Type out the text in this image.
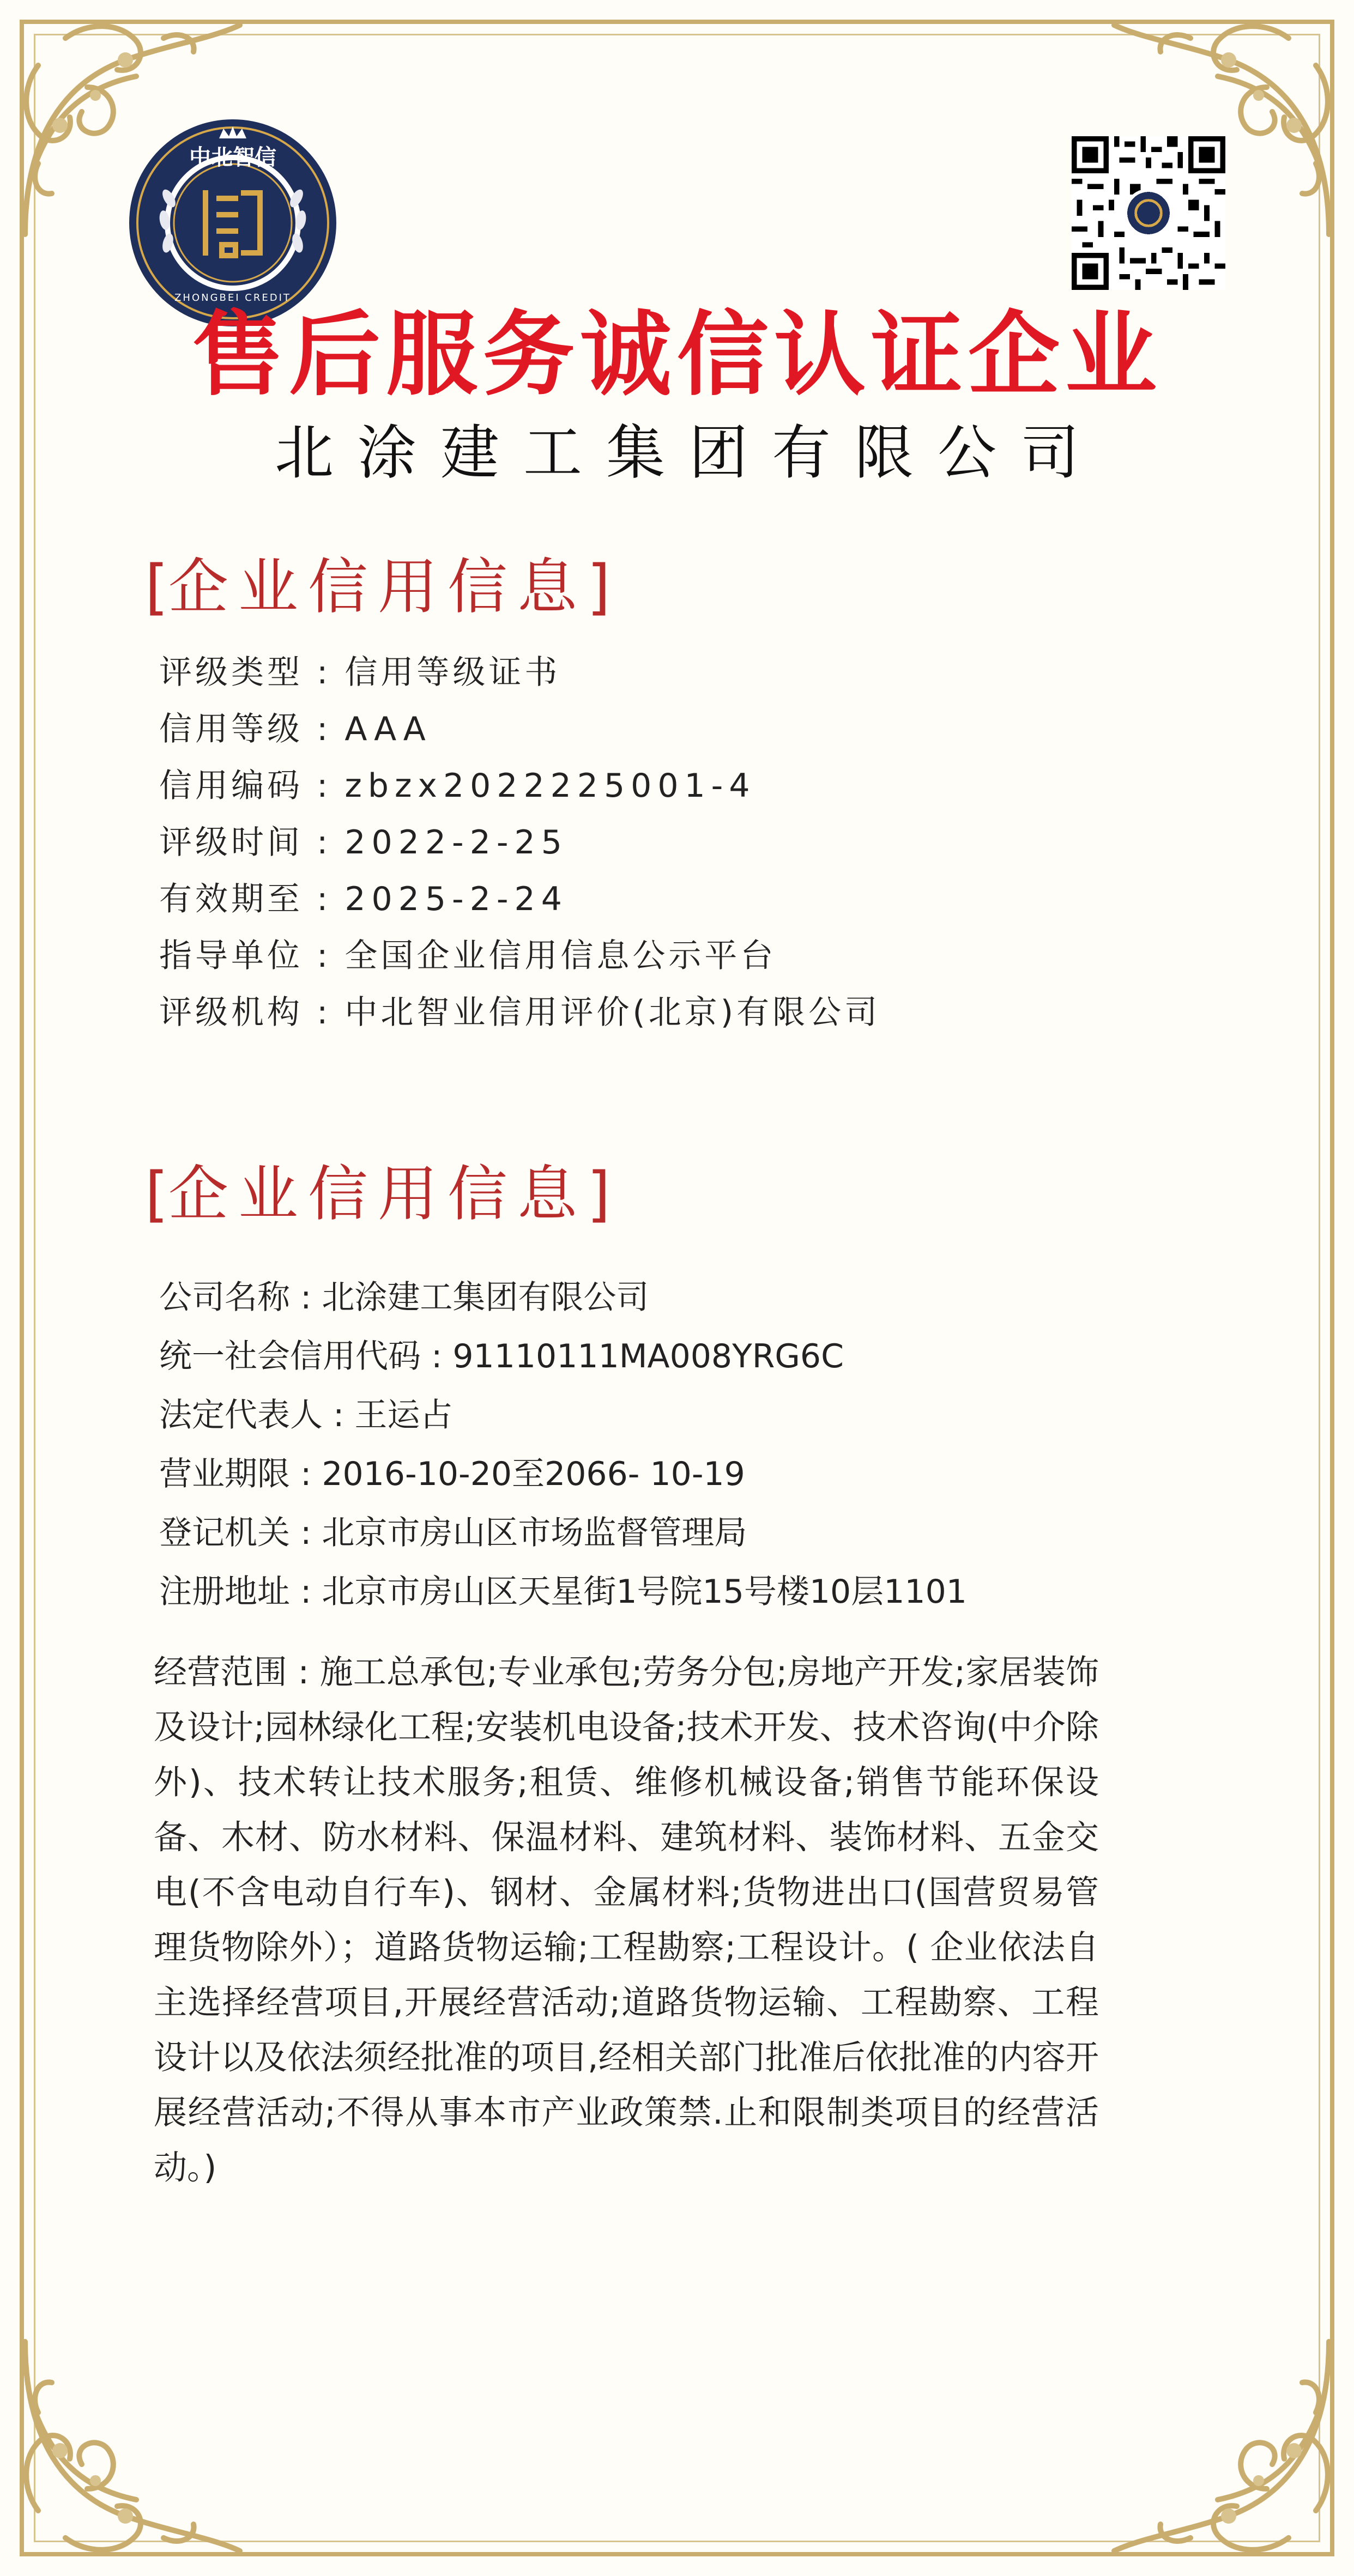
中北智信
ZHONGBEI CREDIT
售后服务诚信认证企业
北涂建工集团有限公司
[企业信用信息]
评级类型 : 信用等级证书
信用等级 : AAA
信用编码 : zbzx2022225001-4
评级时间 : 2022-2-25
有效期至 : 2025-2-24
指导单位 : 全国企业信用信息公示平台
评级机构 : 中北智业信用评价(北京)有限公司
[企业信用信息]
公司名称 : 北涂建工集团有限公司
统一社会信用代码 : 91110111MA008YRG6C
法定代表人 : 王运占
营业期限 : 2016-10-20至2066- 10-19
登记机关 : 北京市房山区市场监督管理局
注册地址 : 北京市房山区天星街1号院15号楼10层1101
经营范围 : 施工总承包;专业承包;劳务分包;房地产开发;家居装饰及设计;园林绿化工程;安装机电设备;技术开发、技术咨询(中介除外)、技术转让技术服务;租赁、维修机械设备;销售节能环保设备、木材、防水材料、保温材料、建筑材料、装饰材料、五金交电(不含电动自行车)、钢材、金属材料;货物进出口(国营贸易管理货物除外）；道路货物运输;工程勘察;工程设计。( 企业依法自主选择经营项目,开展经营活动;道路货物运输、工程勘察、工程设计以及依法须经批准的项目,经相关部门批准后依批准的内容开展经营活动;不得从事本市产业政策禁.止和限制类项目的经营活动。)
